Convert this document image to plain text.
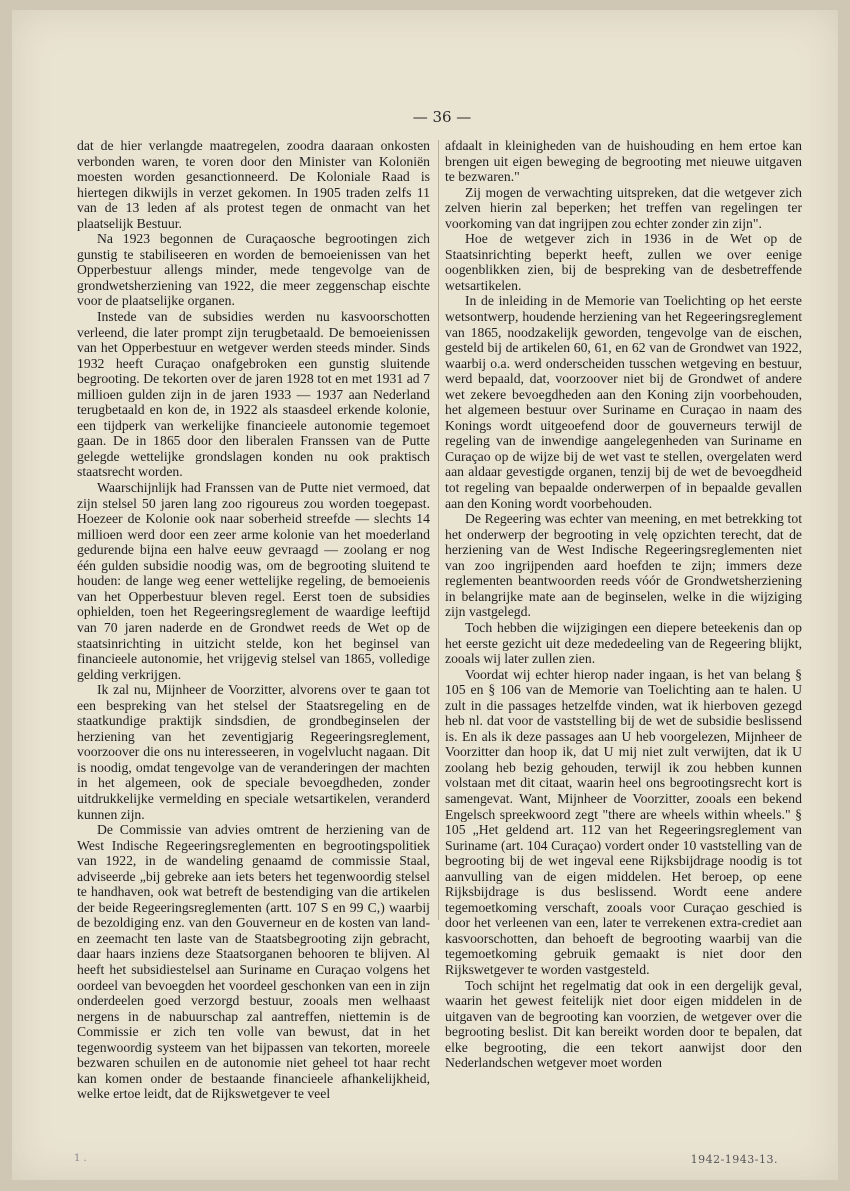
— 36 —

dat de hier verlangde maatregelen, zoodra daaraan onkosten verbonden waren, te voren door den Minister van Koloniën moesten worden gesanctionneerd. De Koloniale Raad is hiertegen dikwijls in verzet gekomen. In 1905 traden zelfs 11 van de 13 leden af als protest tegen de onmacht van het plaatselijk Bestuur.

Na 1923 begonnen de Curaçaosche begrootingen zich gunstig te stabiliseeren en worden de bemoeienissen van het Opperbestuur allengs minder, mede tengevolge van de grondwetsherziening van 1922, die meer zeggenschap eischte voor de plaatselijke organen.

Instede van de subsidies werden nu kasvoorschotten verleend, die later prompt zijn terugbetaald. De bemoeienissen van het Opperbestuur en wetgever werden steeds minder. Sinds 1932 heeft Curaçao onafgebroken een gunstig sluitende begrooting. De tekorten over de jaren 1928 tot en met 1931 ad 7 millioen gulden zijn in de jaren 1933 — 1937 aan Nederland terugbetaald en kon de, in 1922 als staasdeel erkende kolonie, een tijdperk van werkelijke financieele autonomie tegemoet gaan. De in 1865 door den liberalen Franssen van de Putte gelegde wettelijke grondslagen konden nu ook praktisch staatsrecht worden.

Waarschijnlijk had Franssen van de Putte niet vermoed, dat zijn stelsel 50 jaren lang zoo rigoureus zou worden toegepast. Hoezeer de Kolonie ook naar soberheid streefde — slechts 14 millioen werd door een zeer arme kolonie van het moederland gedurende bijna een halve eeuw gevraagd — zoolang er nog één gulden subsidie noodig was, om de begrooting sluitend te houden: de lange weg eener wettelijke regeling, de bemoeienis van het Opperbestuur bleven regel. Eerst toen de subsidies ophielden, toen het Regeeringsreglement de waardige leeftijd van 70 jaren naderde en de Grondwet reeds de Wet op de staatsinrichting in uitzicht stelde, kon het beginsel van financieele autonomie, het vrijgevig stelsel van 1865, volledige gelding verkrijgen.

Ik zal nu, Mijnheer de Voorzitter, alvorens over te gaan tot een bespreking van het stelsel der Staatsregeling en de staatkundige praktijk sindsdien, de grondbeginselen der herziening van het zeventigjarig Regeeringsreglement, voorzoover die ons nu interesseeren, in vogelvlucht nagaan. Dit is noodig, omdat tengevolge van de veranderingen der machten in het algemeen, ook de speciale bevoegdheden, zonder uitdrukkelijke vermelding en speciale wetsartikelen, veranderd kunnen zijn.

De Commissie van advies omtrent de herziening van de West Indische Regeeringsreglementen en begrootingspolitiek van 1922, in de wandeling genaamd de commissie Staal, adviseerde „bij gebreke aan iets beters het tegenwoordig stelsel te handhaven, ook wat betreft de bestendiging van die artikelen der beide Regeeringsreglementen (artt. 107 S en 99 C,) waarbij de bezoldiging enz. van den Gouverneur en de kosten van land- en zeemacht ten laste van de Staatsbegrooting zijn gebracht, daar haars inziens deze Staatsorganen behooren te blijven. Al heeft het subsidiestelsel aan Suriname en Curaçao volgens het oordeel van bevoegden het voordeel geschonken van een in zijn onderdeelen goed verzorgd bestuur, zooals men welhaast nergens in de nabuurschap zal aantreffen, niettemin is de Commissie er zich ten volle van bewust, dat in het tegenwoordig systeem van het bijpassen van tekorten, moreele bezwaren schuilen en de autonomie niet geheel tot haar recht kan komen onder de bestaande financieele afhankelijkheid, welke ertoe leidt, dat de Rijkswetgever te veel

afdaalt in kleinigheden van de huishouding en hem ertoe kan brengen uit eigen beweging de begrooting met nieuwe uitgaven te bezwaren."

Zij mogen de verwachting uitspreken, dat die wetgever zich zelven hierin zal beperken; het treffen van regelingen ter voorkoming van dat ingrijpen zou echter zonder zin zijn".

Hoe de wetgever zich in 1936 in de Wet op de Staatsinrichting beperkt heeft, zullen we over eenige oogenblikken zien, bij de bespreking van de desbetreffende wetsartikelen.

In de inleiding in de Memorie van Toelichting op het eerste wetsontwerp, houdende herziening van het Regeeringsreglement van 1865, noodzakelijk geworden, tengevolge van de eischen, gesteld bij de artikelen 60, 61, en 62 van de Grondwet van 1922, waarbij o.a. werd onderscheiden tusschen wetgeving en bestuur, werd bepaald, dat, voorzoover niet bij de Grondwet of andere wet zekere bevoegdheden aan den Koning zijn voorbehouden, het algemeen bestuur over Suriname en Curaçao in naam des Konings wordt uitgeoefend door de gouverneurs terwijl de regeling van de inwendige aangelegenheden van Suriname en Curaçao op de wijze bij de wet vast te stellen, overgelaten werd aan aldaar gevestigde organen, tenzij bij de wet de bevoegdheid tot regeling van bepaalde onderwerpen of in bepaalde gevallen aan den Koning wordt voorbehouden.

De Regeering was echter van meening, en met betrekking tot het onderwerp der begrooting in velę opzichten terecht, dat de herziening van de West Indische Regeeringsreglementen niet van zoo ingrijpenden aard hoefden te zijn; immers deze reglementen beantwoorden reeds vóór de Grondwetsherziening in belangrijke mate aan de beginselen, welke in die wijziging zijn vastgelegd.

Toch hebben die wijzigingen een diepere beteekenis dan op het eerste gezicht uit deze mededeeling van de Regeering blijkt, zooals wij later zullen zien.

Voordat wij echter hierop nader ingaan, is het van belang § 105 en § 106 van de Memorie van Toelichting aan te halen. U zult in die passages hetzelfde vinden, wat ik hierboven gezegd heb nl. dat voor de vaststelling bij de wet de subsidie beslissend is. En als ik deze passages aan U heb voorgelezen, Mijnheer de Voorzitter dan hoop ik, dat U mij niet zult verwijten, dat ik U zoolang heb bezig gehouden, terwijl ik zou hebben kunnen volstaan met dit citaat, waarin heel ons begrootingsrecht kort is samengevat. Want, Mijnheer de Voorzitter, zooals een bekend Engelsch spreekwoord zegt "there are wheels within wheels." § 105 „Het geldend art. 112 van het Regeeringsreglement van Suriname (art. 104 Curaçao) vordert onder 10 vaststelling van de begrooting bij de wet ingeval eene Rijksbijdrage noodig is tot aanvulling van de eigen middelen. Het beroep, op eene Rijksbijdrage is dus beslissend. Wordt eene andere tegemoetkoming verschaft, zooals voor Curaçao geschied is door het verleenen van een, later te verrekenen extra-crediet aan kasvoorschotten, dan behoeft de begrooting waarbij van die tegemoetkoming gebruik gemaakt is niet door den Rijkswetgever te worden vastgesteld.

Toch schijnt het regelmatig dat ook in een dergelijk geval, waarin het gewest feitelijk niet door eigen middelen in de uitgaven van de begrooting kan voorzien, de wetgever over die begrooting beslist. Dit kan bereikt worden door te bepalen, dat elke begrooting, die een tekort aanwijst door den Nederlandschen wetgever moet worden

1 .	1942-1943-13.
